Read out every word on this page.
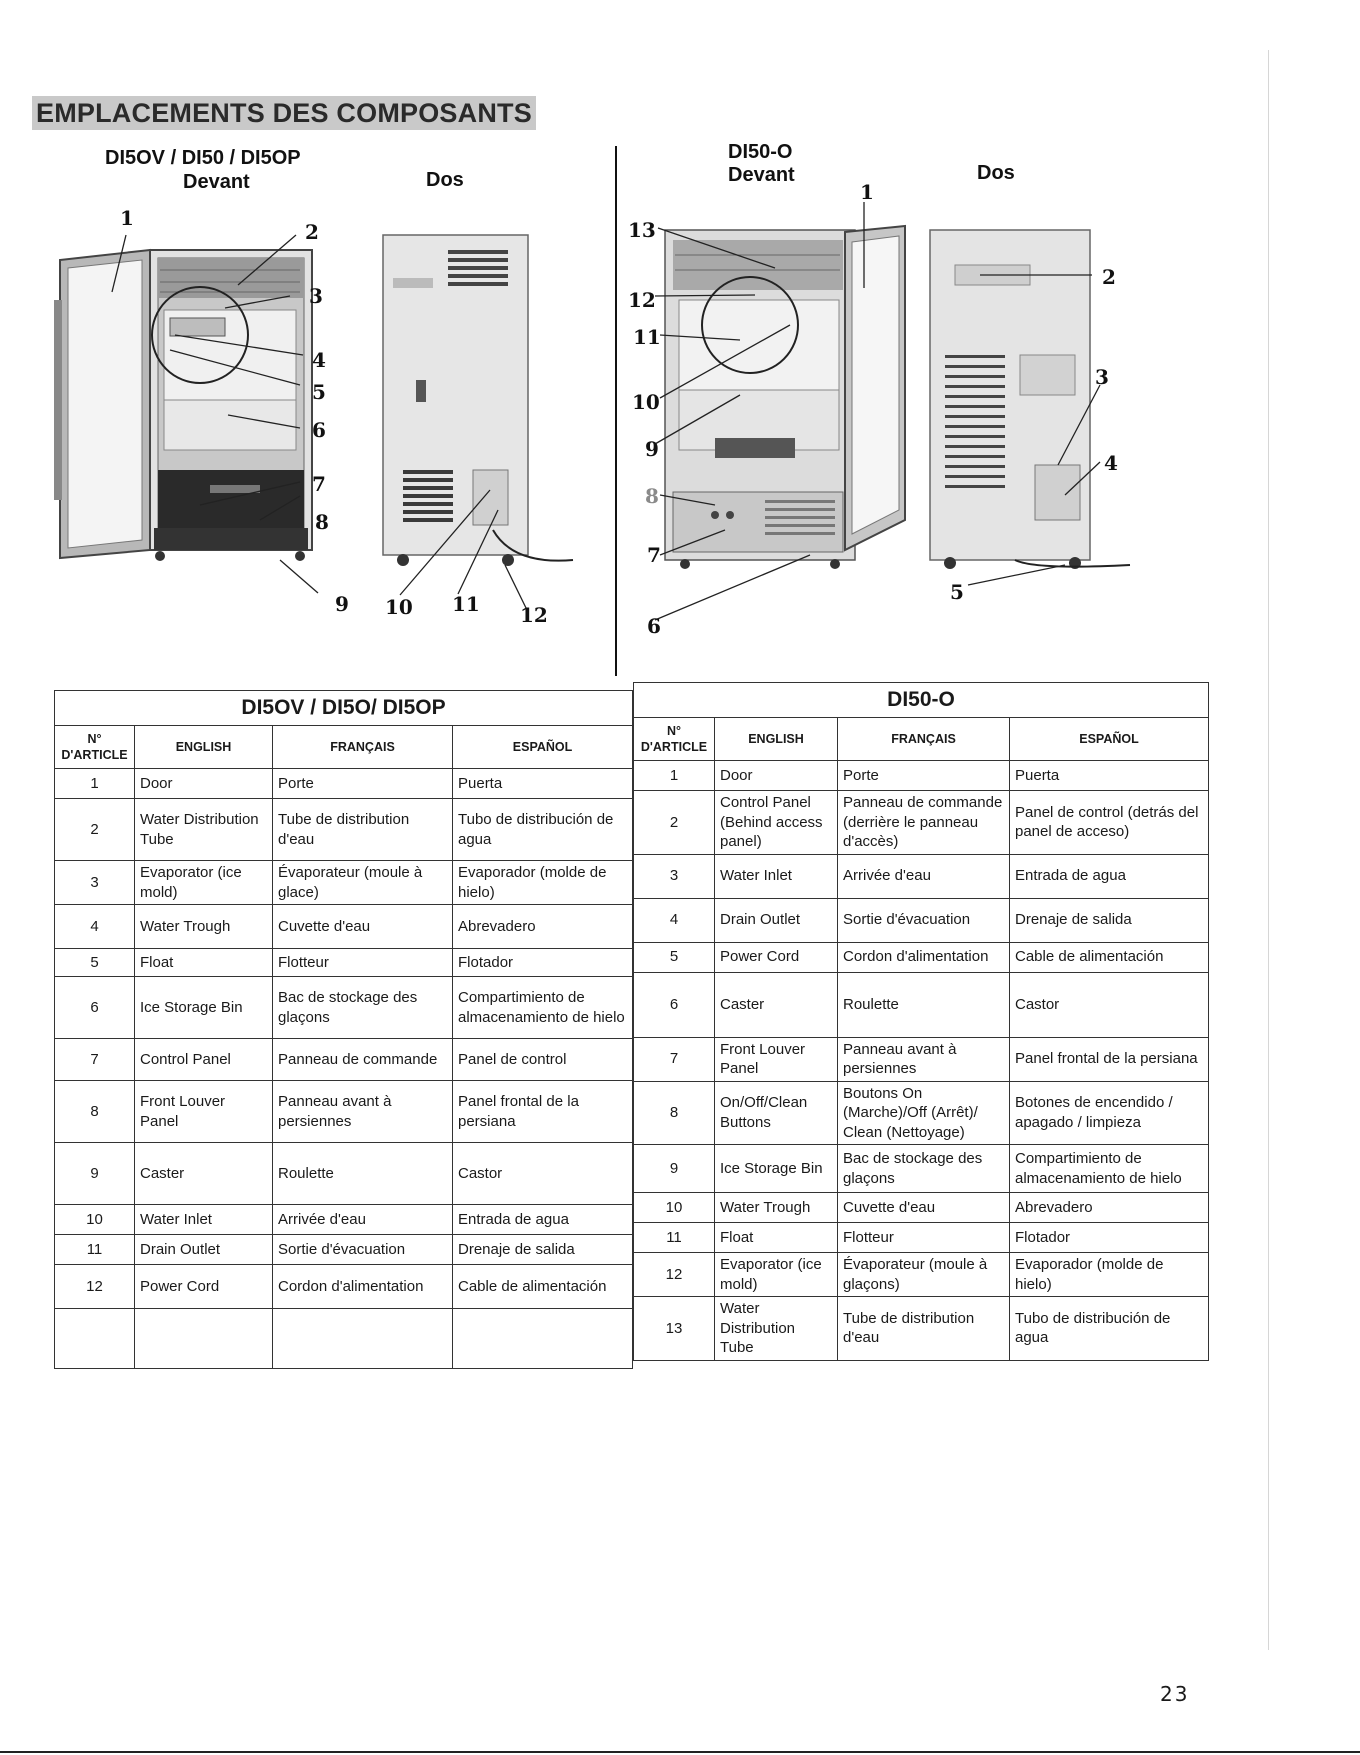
EMPLACEMENTS DES COMPOSANTS
DI5OV / DI50 / DI5OP
Devant	Dos
1
2
3
4
5
6
7
8
9 10 11 12
DI50-O
Devant	Dos
13
12
11
10
9
8
7
6
1
2
3
4
5
DI5OV / DI5O/ DI5OP			
N° D'ARTICLE	ENGLISH	FRANÇAIS	ESPAÑOL
1	Door	Porte	Puerta
2	Water Distribution Tube	Tube de distribution d'eau	Tubo de distribución de agua
3	Evaporator (ice mold)	Évaporateur (moule à glace)	Evaporador (molde de hielo)
4	Water Trough	Cuvette d'eau	Abrevadero
5	Float	Flotteur	Flotador
6	Ice Storage Bin	Bac de stockage des glaçons	Compartimiento de almacenamiento de hielo
7	Control Panel	Panneau de commande	Panel de control
8	Front Louver Panel	Panneau avant à persiennes	Panel frontal de la persiana
9	Caster	Roulette	Castor
10	Water Inlet	Arrivée d'eau	Entrada de agua
11	Drain Outlet	Sortie d'évacuation	Drenaje de salida
12	Power Cord	Cordon d'alimentation	Cable de alimentación

DI50-O			
N° D'ARTICLE	ENGLISH	FRANÇAIS	ESPAÑOL
1	Door	Porte	Puerta
2	Control Panel (Behind access panel)	Panneau de commande (derrière le panneau d'accès)	Panel de control (detrás del panel de acceso)
3	Water Inlet	Arrivée d'eau	Entrada de agua
4	Drain Outlet	Sortie d'évacuation	Drenaje de salida
5	Power Cord	Cordon d'alimentation	Cable de alimentación
6	Caster	Roulette	Castor
7	Front Louver Panel	Panneau avant à persiennes	Panel frontal de la persiana
8	On/Off/Clean Buttons	Boutons On (Marche)/Off (Arrêt)/ Clean (Nettoyage)	Botones de encendido / apagado / limpieza
9	Ice Storage Bin	Bac de stockage des glaçons	Compartimiento de almacenamiento de hielo
10	Water Trough	Cuvette d'eau	Abrevadero
11	Float	Flotteur	Flotador
12	Evaporator (ice mold)	Évaporateur (moule à glaçons)	Evaporador (molde de hielo)
13	Water Distribution Tube	Tube de distribution d'eau	Tubo de distribución de agua
23
